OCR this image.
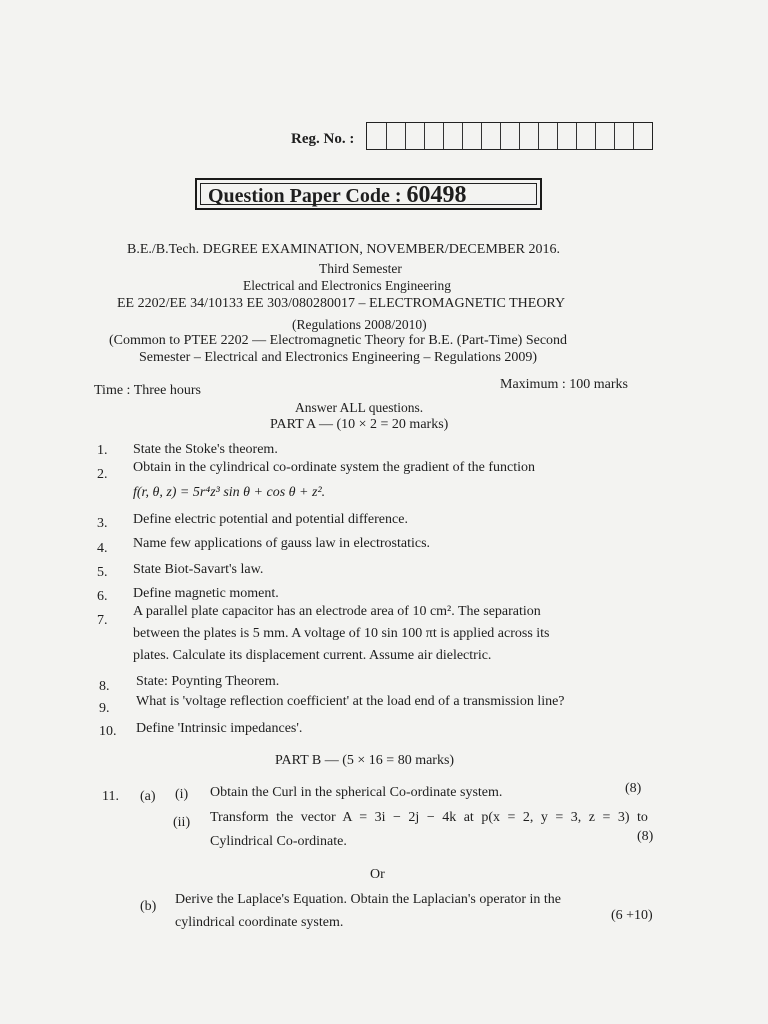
Reg. No. :
Question Paper Code : 60498
B.E./B.Tech. DEGREE EXAMINATION, NOVEMBER/DECEMBER 2016.
Third Semester
Electrical and Electronics Engineering
EE 2202/EE 34/10133 EE 303/080280017 – ELECTROMAGNETIC THEORY
(Regulations 2008/2010)
(Common to PTEE 2202 — Electromagnetic Theory for B.E. (Part-Time) Second
Semester – Electrical and Electronics Engineering – Regulations 2009)
Time : Three hours	Maximum : 100 marks
Answer ALL questions.
PART A — (10 × 2 = 20 marks)
1. State the Stoke's theorem.
2. Obtain in the cylindrical co-ordinate system the gradient of the function
f(r, θ, z) = 5r⁴z³ sin θ + cos θ + z².
3. Define electric potential and potential difference.
4. Name few applications of gauss law in electrostatics.
5. State Biot-Savart's law.
6. Define magnetic moment.
7.
A parallel plate capacitor has an electrode area of 10 cm². The separation
between the plates is 5 mm. A voltage of 10 sin 100 πt is applied across its
plates. Calculate its displacement current. Assume air dielectric.
8. State: Poynting Theorem.
9. What is 'voltage reflection coefficient' at the load end of a transmission line?
10. Define 'Intrinsic impedances'.
PART B — (5 × 16 = 80 marks)
11. (a) (i) Obtain the Curl in the spherical Co-ordinate system.	(8)
(ii) Transform the vector A = 3i − 2j − 4k at p(x = 2, y = 3, z = 3) to
Cylindrical Co-ordinate.	(8)
Or
(b) Derive the Laplace's Equation. Obtain the Laplacian's operator in the
cylindrical coordinate system.	(6 +10)
